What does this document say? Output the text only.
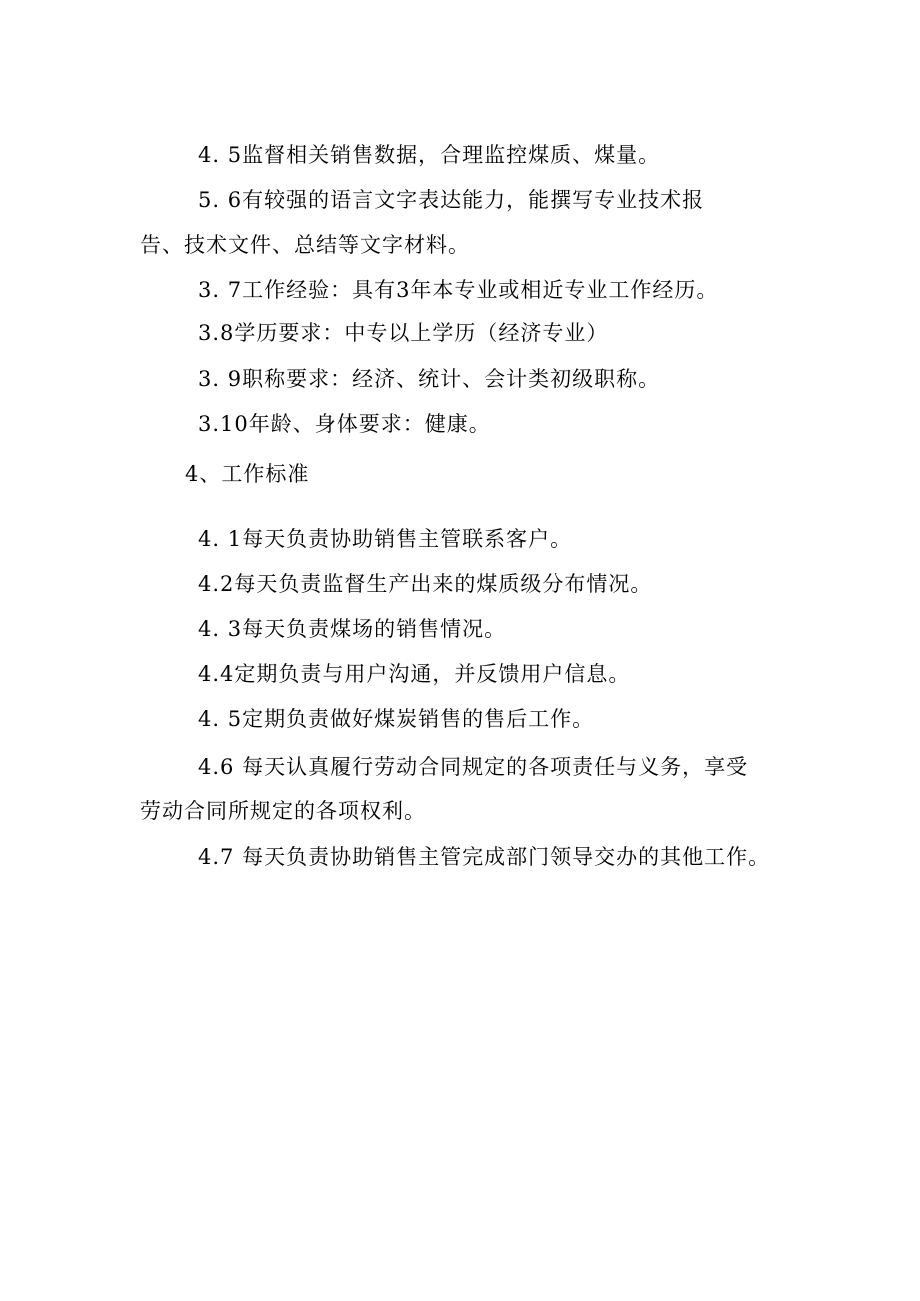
4. 5监督相关销售数据，合理监控煤质、煤量。
5. 6有较强的语言文字表达能力，能撰写专业技术报
告、技术文件、总结等文字材料。
3. 7工作经验：具有3年本专业或相近专业工作经历。
3.8学历要求：中专以上学历（经济专业）
3. 9职称要求：经济、统计、会计类初级职称。
3.10年龄、身体要求：健康。
4、工作标准
4. 1每天负责协助销售主管联系客户。
4.2每天负责监督生产出来的煤质级分布情况。
4. 3每天负责煤场的销售情况。
4.4定期负责与用户沟通，并反馈用户信息。
4. 5定期负责做好煤炭销售的售后工作。
4.6 每天认真履行劳动合同规定的各项责任与义务，享受
劳动合同所规定的各项权利。
4.7 每天负责协助销售主管完成部门领导交办的其他工作。
